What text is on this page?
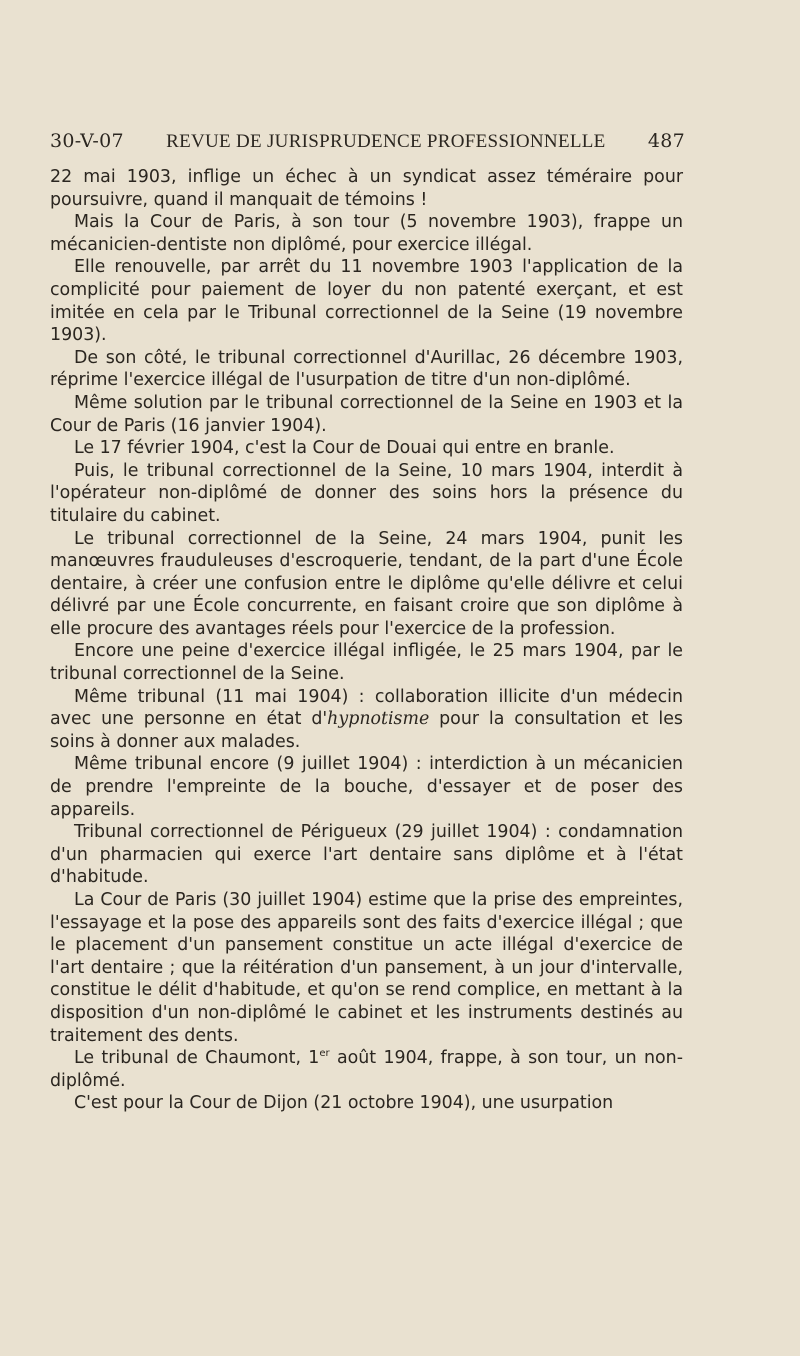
30-V-07 REVUE DE JURISPRUDENCE PROFESSIONNELLE 487

22 mai 1903, inflige un échec à un syndicat assez téméraire pour poursuivre, quand il manquait de témoins !

Mais la Cour de Paris, à son tour (5 novembre 1903), frappe un mécanicien-dentiste non diplômé, pour exercice illégal.

Elle renouvelle, par arrêt du 11 novembre 1903 l'application de la complicité pour paiement de loyer du non patenté exerçant, et est imitée en cela par le Tribunal correctionnel de la Seine (19 novembre 1903).

De son côté, le tribunal correctionnel d'Aurillac, 26 décembre 1903, réprime l'exercice illégal de l'usurpation de titre d'un non-diplômé.

Même solution par le tribunal correctionnel de la Seine en 1903 et la Cour de Paris (16 janvier 1904).

Le 17 février 1904, c'est la Cour de Douai qui entre en branle.

Puis, le tribunal correctionnel de la Seine, 10 mars 1904, interdit à l'opérateur non-diplômé de donner des soins hors la présence du titulaire du cabinet.

Le tribunal correctionnel de la Seine, 24 mars 1904, punit les manœuvres frauduleuses d'escroquerie, tendant, de la part d'une École dentaire, à créer une confusion entre le diplôme qu'elle délivre et celui délivré par une École concurrente, en faisant croire que son diplôme à elle procure des avantages réels pour l'exercice de la profession.

Encore une peine d'exercice illégal infligée, le 25 mars 1904, par le tribunal correctionnel de la Seine.

Même tribunal (11 mai 1904) : collaboration illicite d'un médecin avec une personne en état d'hypnotisme pour la consultation et les soins à donner aux malades.

Même tribunal encore (9 juillet 1904) : interdiction à un mécanicien de prendre l'empreinte de la bouche, d'essayer et de poser des appareils.

Tribunal correctionnel de Périgueux (29 juillet 1904) : condamnation d'un pharmacien qui exerce l'art dentaire sans diplôme et à l'état d'habitude.

La Cour de Paris (30 juillet 1904) estime que la prise des empreintes, l'essayage et la pose des appareils sont des faits d'exercice illégal ; que le placement d'un pansement constitue un acte illégal d'exercice de l'art dentaire ; que la réitération d'un pansement, à un jour d'intervalle, constitue le délit d'habitude, et qu'on se rend complice, en mettant à la disposition d'un non-diplômé le cabinet et les instruments destinés au traitement des dents.

Le tribunal de Chaumont, 1er août 1904, frappe, à son tour, un non-diplômé.

C'est pour la Cour de Dijon (21 octobre 1904), une usurpation
